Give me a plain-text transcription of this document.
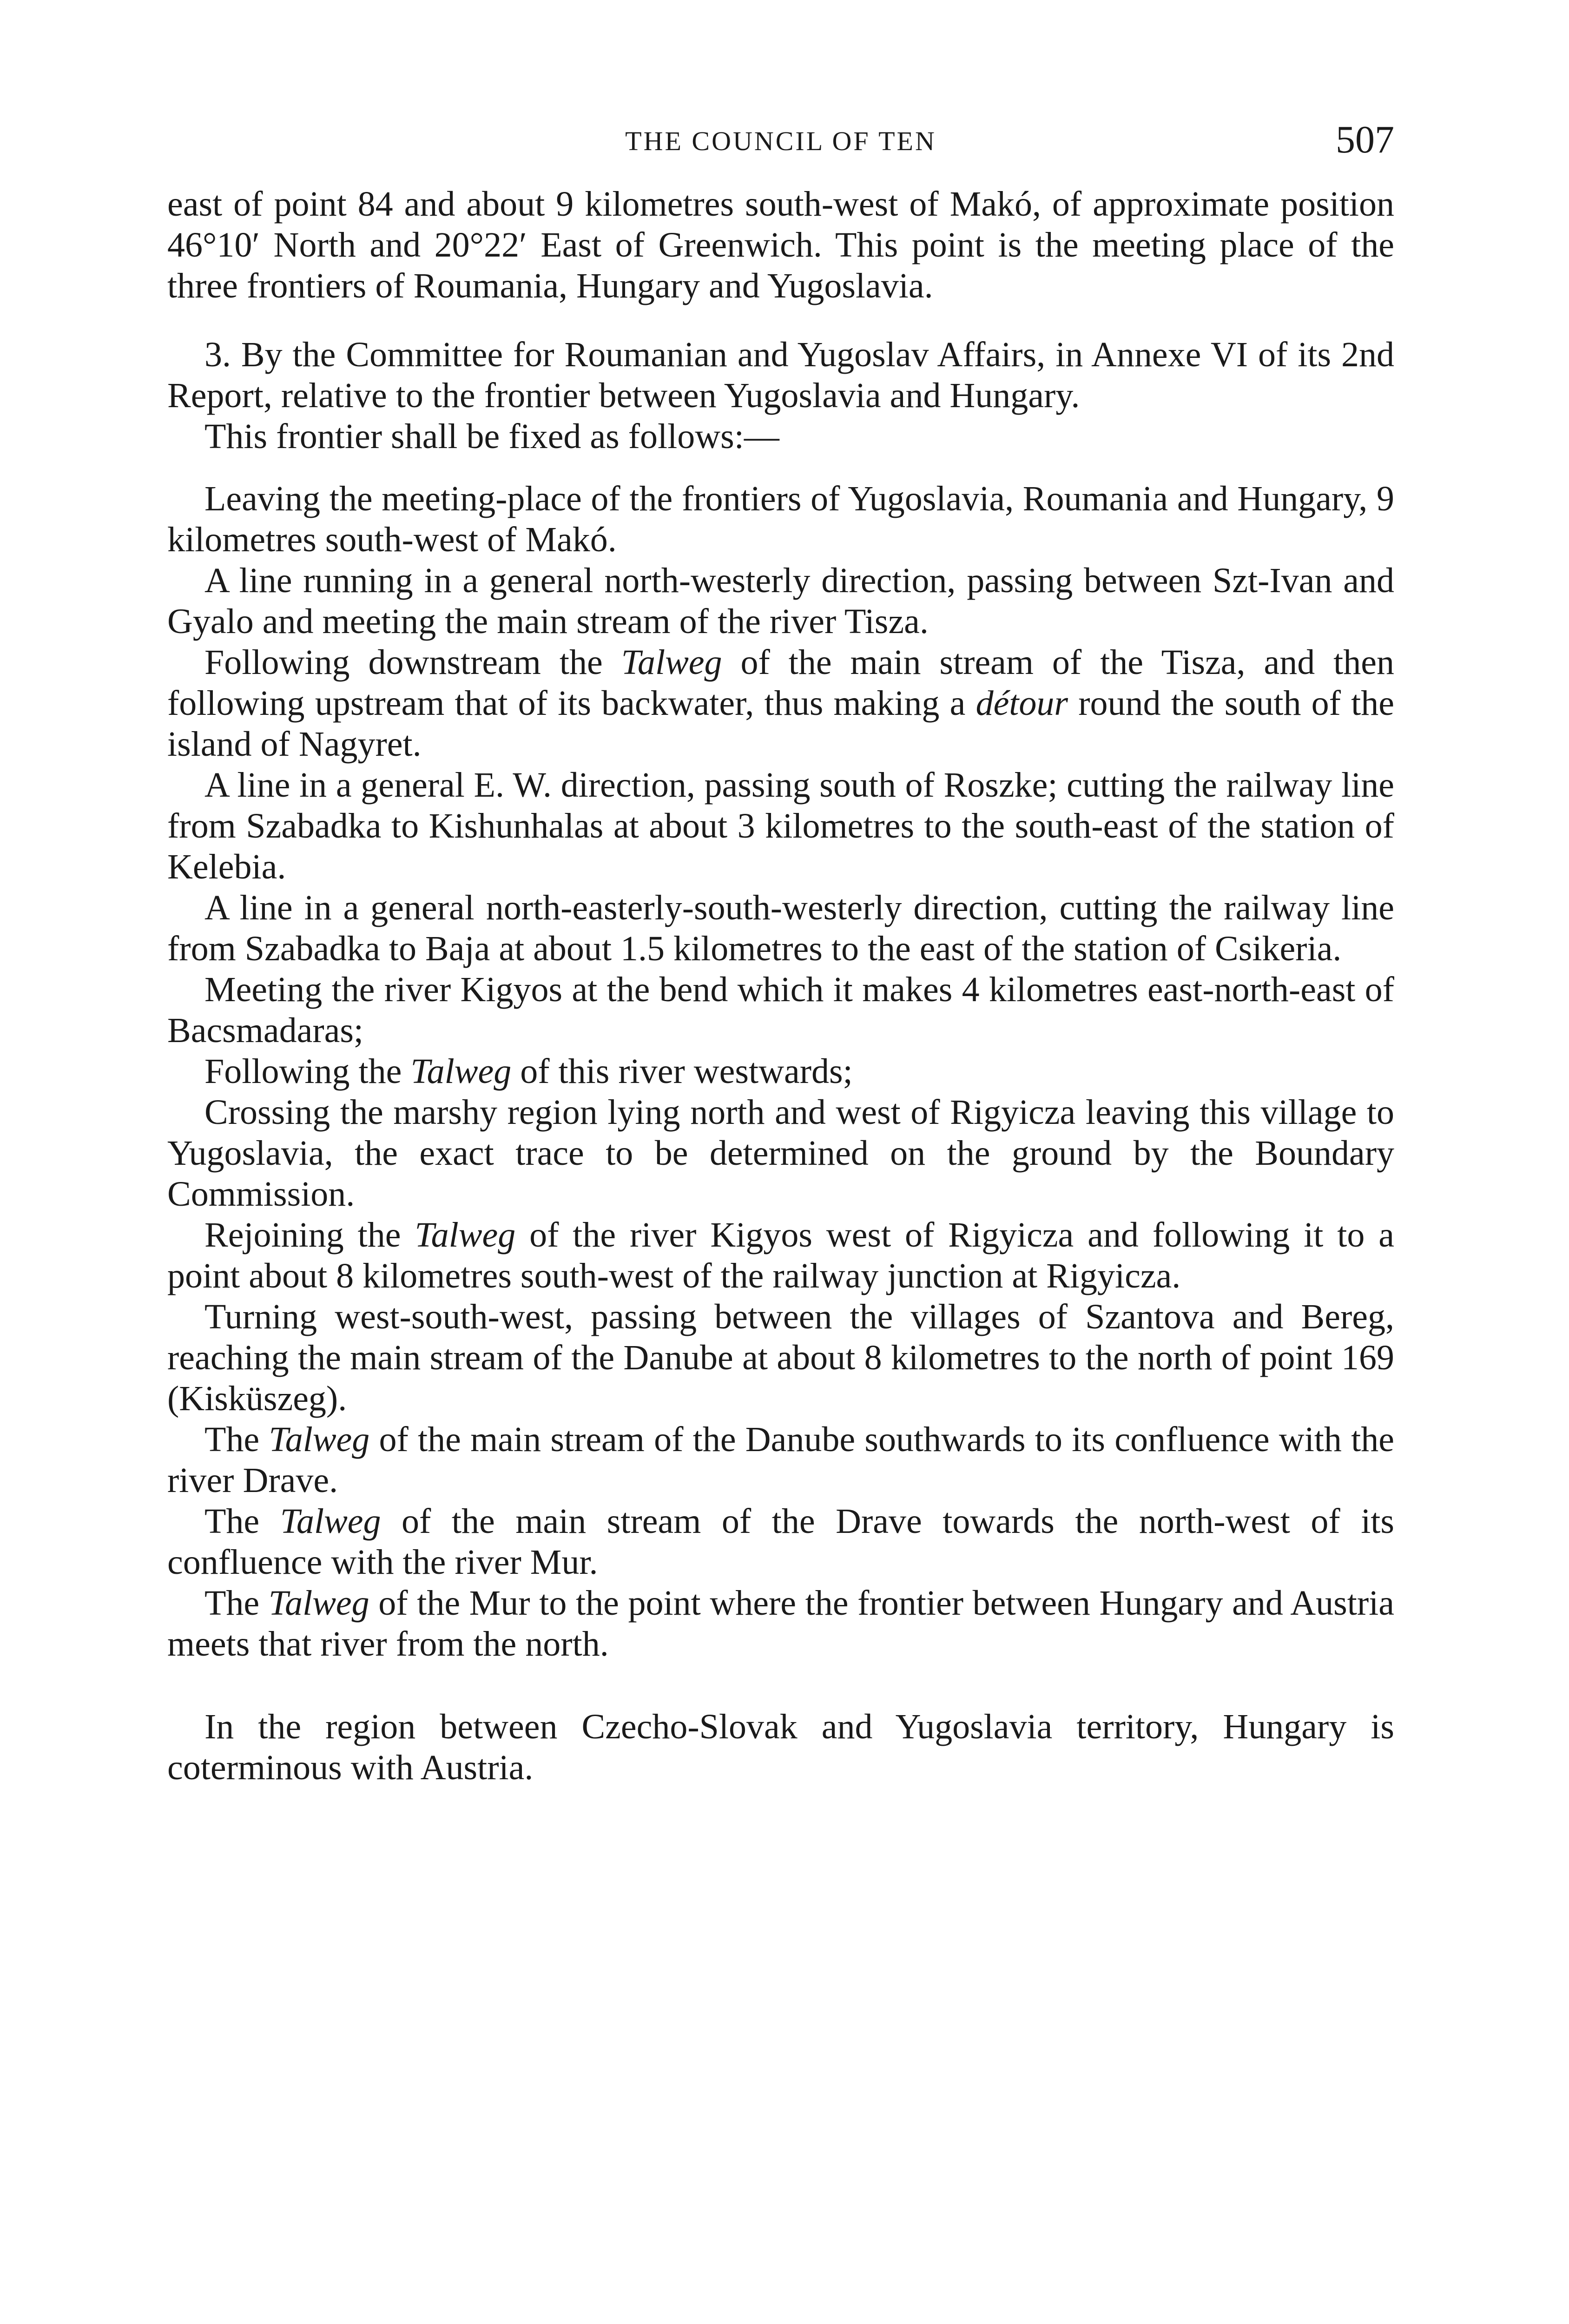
THE COUNCIL OF TEN	507

east of point 84 and about 9 kilometres south-west of Makó, of approximate position 46°10′ North and 20°22′ East of Greenwich. This point is the meeting place of the three frontiers of Roumania, Hungary and Yugoslavia.

3. By the Committee for Roumanian and Yugoslav Affairs, in Annexe VI of its 2nd Report, relative to the frontier between Yugoslavia and Hungary.

This frontier shall be fixed as follows:—

Leaving the meeting-place of the frontiers of Yugoslavia, Roumania and Hungary, 9 kilometres south-west of Makó.

A line running in a general north-westerly direction, passing between Szt-Ivan and Gyalo and meeting the main stream of the river Tisza.

Following downstream the Talweg of the main stream of the Tisza, and then following upstream that of its backwater, thus making a détour round the south of the island of Nagyret.

A line in a general E. W. direction, passing south of Roszke; cutting the railway line from Szabadka to Kishunhalas at about 3 kilometres to the south-east of the station of Kelebia.

A line in a general north-easterly-south-westerly direction, cutting the railway line from Szabadka to Baja at about 1.5 kilometres to the east of the station of Csikeria.

Meeting the river Kigyos at the bend which it makes 4 kilometres east-north-east of Bacsmadaras;

Following the Talweg of this river westwards;

Crossing the marshy region lying north and west of Rigyicza leaving this village to Yugoslavia, the exact trace to be determined on the ground by the Boundary Commission.

Rejoining the Talweg of the river Kigyos west of Rigyicza and following it to a point about 8 kilometres south-west of the railway junction at Rigyicza.

Turning west-south-west, passing between the villages of Szantova and Bereg, reaching the main stream of the Danube at about 8 kilometres to the north of point 169 (Kisküszeg).

The Talweg of the main stream of the Danube southwards to its confluence with the river Drave.

The Talweg of the main stream of the Drave towards the north-west of its confluence with the river Mur.

The Talweg of the Mur to the point where the frontier between Hungary and Austria meets that river from the north.

In the region between Czecho-Slovak and Yugoslavia territory, Hungary is coterminous with Austria.
